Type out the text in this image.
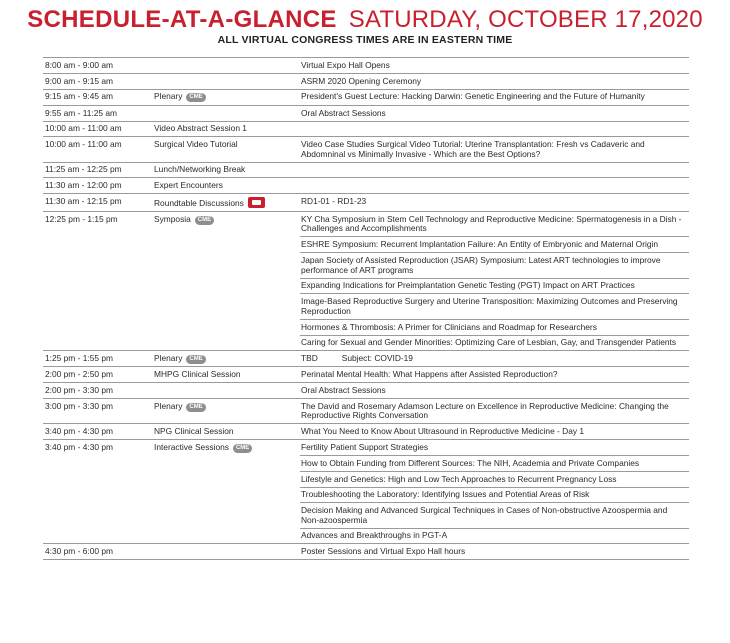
SCHEDULE-AT-A-GLANCE SATURDAY, OCTOBER 17,2020
ALL VIRTUAL CONGRESS TIMES ARE IN EASTERN TIME
8:00 am - 9:00 am		Virtual Expo Hall Opens
9:00 am - 9:15 am		ASRM 2020 Opening Ceremony
9:15 am - 9:45 am	Plenary CME	President's Guest Lecture: Hacking Darwin: Genetic Engineering and the Future of Humanity
9:55 am - 11:25 am		Oral Abstract Sessions
10:00 am - 11:00 am	Video Abstract Session 1	
10:00 am - 11:00 am	Surgical Video Tutorial	Video Case Studies Surgical Video Tutorial: Uterine Transplantation: Fresh vs Cadaveric and Abdomninal vs Minimally Invasive - Which are the Best Options?
11:25 am - 12:25 pm	Lunch/Networking Break	
11:30 am - 12:00 pm	Expert Encounters	
11:30 am - 12:15 pm	Roundtable Discussions	RD1-01 - RD1-23
12:25 pm - 1:15 pm	Symposia CME	KY Cha Symposium in Stem Cell Technology and Reproductive Medicine: Spermatogenesis in a Dish - Challenges and Accomplishments
		ESHRE Symposium: Recurrent Implantation Failure: An Entity of Embryonic and Maternal Origin
		Japan Society of Assisted Reproduction (JSAR) Symposium: Latest ART technologies to improve performance of ART programs
		Expanding Indications for Preimplantation Genetic Testing (PGT) Impact on ART Practices
		Image-Based Reproductive Surgery and Uterine Transposition: Maximizing Outcomes and Preserving Reproduction
		Hormones & Thrombosis: A Primer for Clinicians and Roadmap for Researchers
		Caring for Sexual and Gender Minorities: Optimizing Care of Lesbian, Gay, and Transgender Patients
1:25 pm - 1:55 pm	Plenary CME	TBD Subject: COVID-19
2:00 pm - 2:50 pm	MHPG Clinical Session	Perinatal Mental Health: What Happens after Assisted Reproduction?
2:00 pm - 3:30 pm		Oral Abstract Sessions
3:00 pm - 3:30 pm	Plenary CME	The David and Rosemary Adamson Lecture on Excellence in Reproductive Medicine: Changing the Reproductive Rights Conversation
3:40 pm - 4:30 pm	NPG Clinical Session	What You Need to Know About Ultrasound in Reproductive Medicine - Day 1
3:40 pm - 4:30 pm	Interactive Sessions CME	Fertility Patient Support Strategies
		How to Obtain Funding from Different Sources: The NIH, Academia and Private Companies
		Lifestyle and Genetics: High and Low Tech Approaches to Recurrent Pregnancy Loss
		Troubleshooting the Laboratory: Identifying Issues and Potential Areas of Risk
		Decision Making and Advanced Surgical Techniques in Cases of Non-obstructive Azoospermia and Non-azoospermia
		Advances and Breakthroughs in PGT-A
4:30 pm - 6:00 pm		Poster Sessions and Virtual Expo Hall hours
